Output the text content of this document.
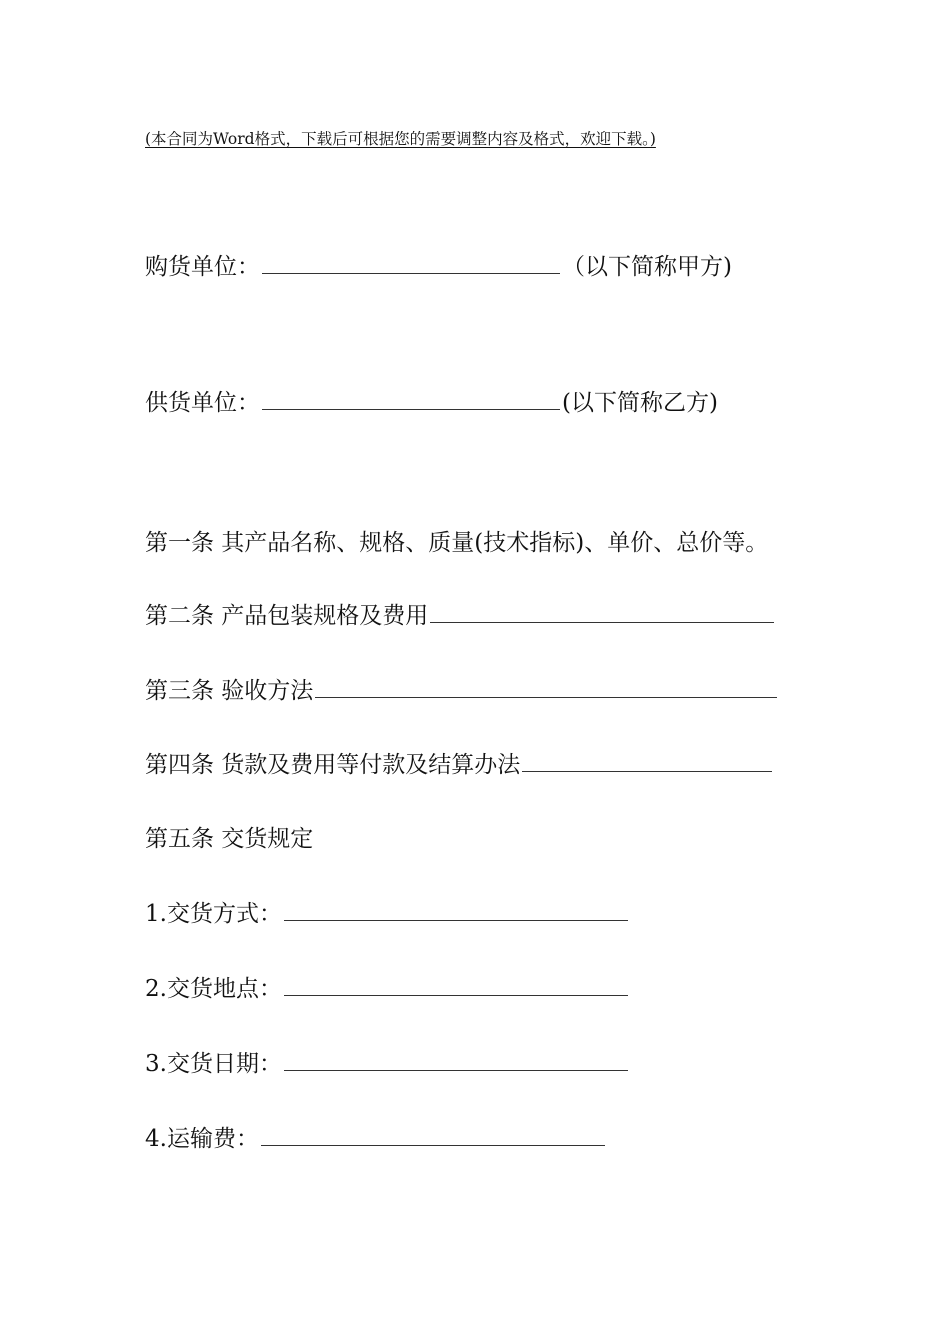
(本合同为Word格式，下载后可根据您的需要调整内容及格式，欢迎下载。)
购货单位：	（以下简称甲方)
供货单位：	(以下简称乙方)
第一条 其产品名称、规格、质量(技术指标)、单价、总价等。
第二条 产品包装规格及费用
第三条 验收方法
第四条 货款及费用等付款及结算办法
第五条 交货规定
1.交货方式：
2.交货地点：
3.交货日期：
4.运输费：
